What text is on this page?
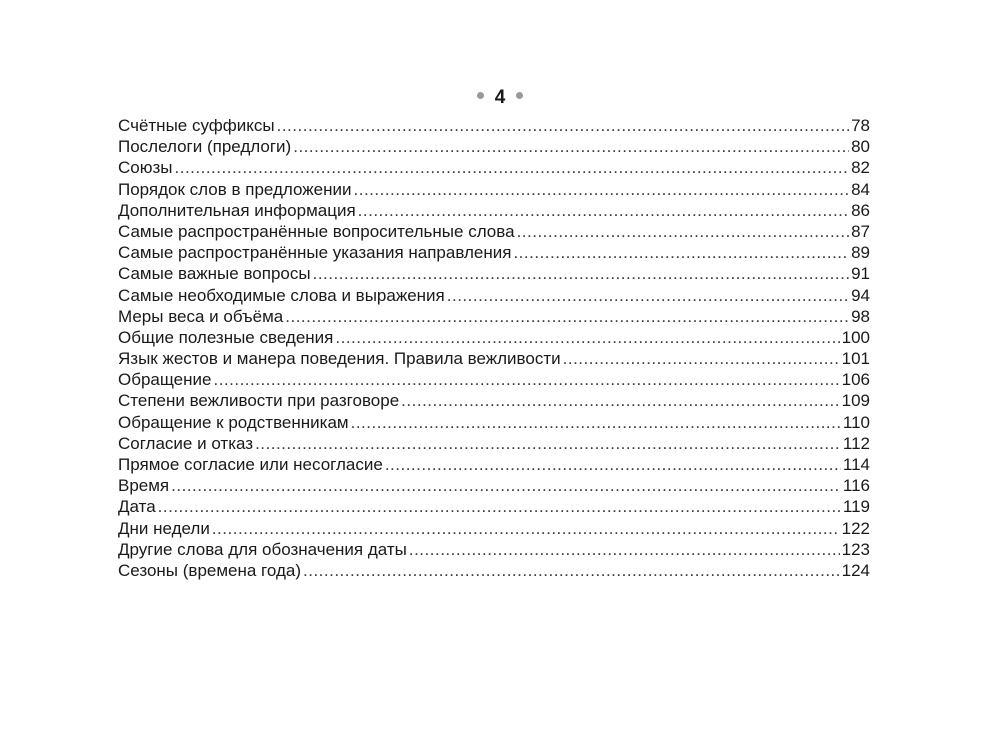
4
Счётные суффиксы .....	78
Послелоги (предлоги) .....	80
Союзы .....	82
Порядок слов в предложении .....	84
Дополнительная информация .....	86
Самые распространённые вопросительные слова .....	87
Самые распространённые указания направления .....	89
Самые важные вопросы .....	91
Самые необходимые слова и выражения .....	94
Меры веса и объёма .....	98
Общие полезные сведения .....	100
Язык жестов и манера поведения. Правила вежливости .....	101
Обращение .....	106
Степени вежливости при разговоре .....	109
Обращение к родственникам .....	110
Согласие и отказ .....	112
Прямое согласие или несогласие .....	114
Время .....	116
Дата .....	119
Дни недели .....	122
Другие слова для обозначения даты .....	123
Сезоны (времена года) .....	124
